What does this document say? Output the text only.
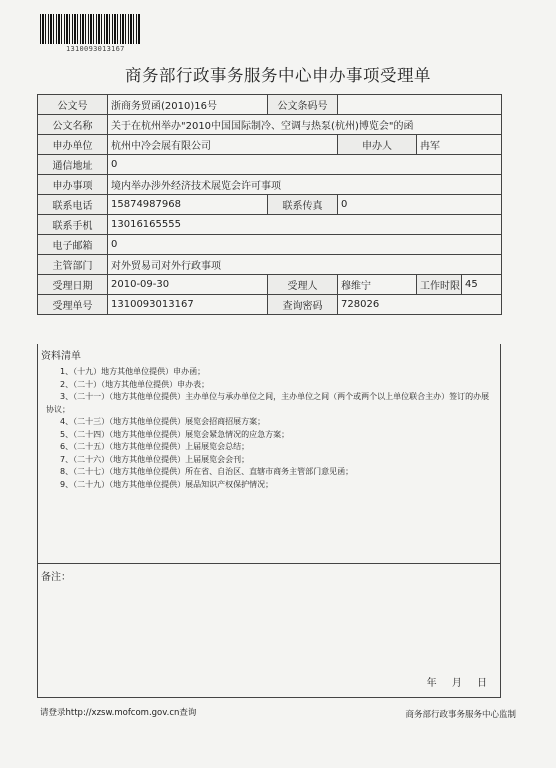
1310093013167
商务部行政事务服务中心申办事项受理单
公文号	浙商务贸函(2010)16号	公文条码号			
公文名称	关于在杭州举办"2010中国国际制冷、空调与热泵(杭州)博览会"的函				
申办单位	杭州中冷会展有限公司		申办人	冉军	
通信地址	0				
申办事项	境内举办涉外经济技术展览会许可事项				
联系电话	15874987968	联系传真	0		
联系手机	13016165555				
电子邮箱	0				
主管部门	对外贸易司对外行政事项				
受理日期	2010-09-30	受理人	穆维宁	工作时限	45
受理单号	1310093013167	查询密码	728026		
资料清单
1、（十九）地方其他单位提供）申办函；
2、（二十）（地方其他单位提供）申办表；
3、（二十一）（地方其他单位提供）主办单位与承办单位之间，主办单位之间（两个或两个以上单位联合主办）签订的办展协议；
4、（二十三）（地方其他单位提供）展览会招商招展方案；
5、（二十四）（地方其他单位提供）展览会紧急情况的应急方案；
6、（二十五）（地方其他单位提供）上届展览会总结；
7、（二十六）（地方其他单位提供）上届展览会会刊；
8、（二十七）（地方其他单位提供）所在省、自治区、直辖市商务主管部门意见函；
9、（二十九）（地方其他单位提供）展品知识产权保护情况；
备注：
年 月 日
请登录http://xzsw.mofcom.gov.cn查询	商务部行政事务服务中心监制
